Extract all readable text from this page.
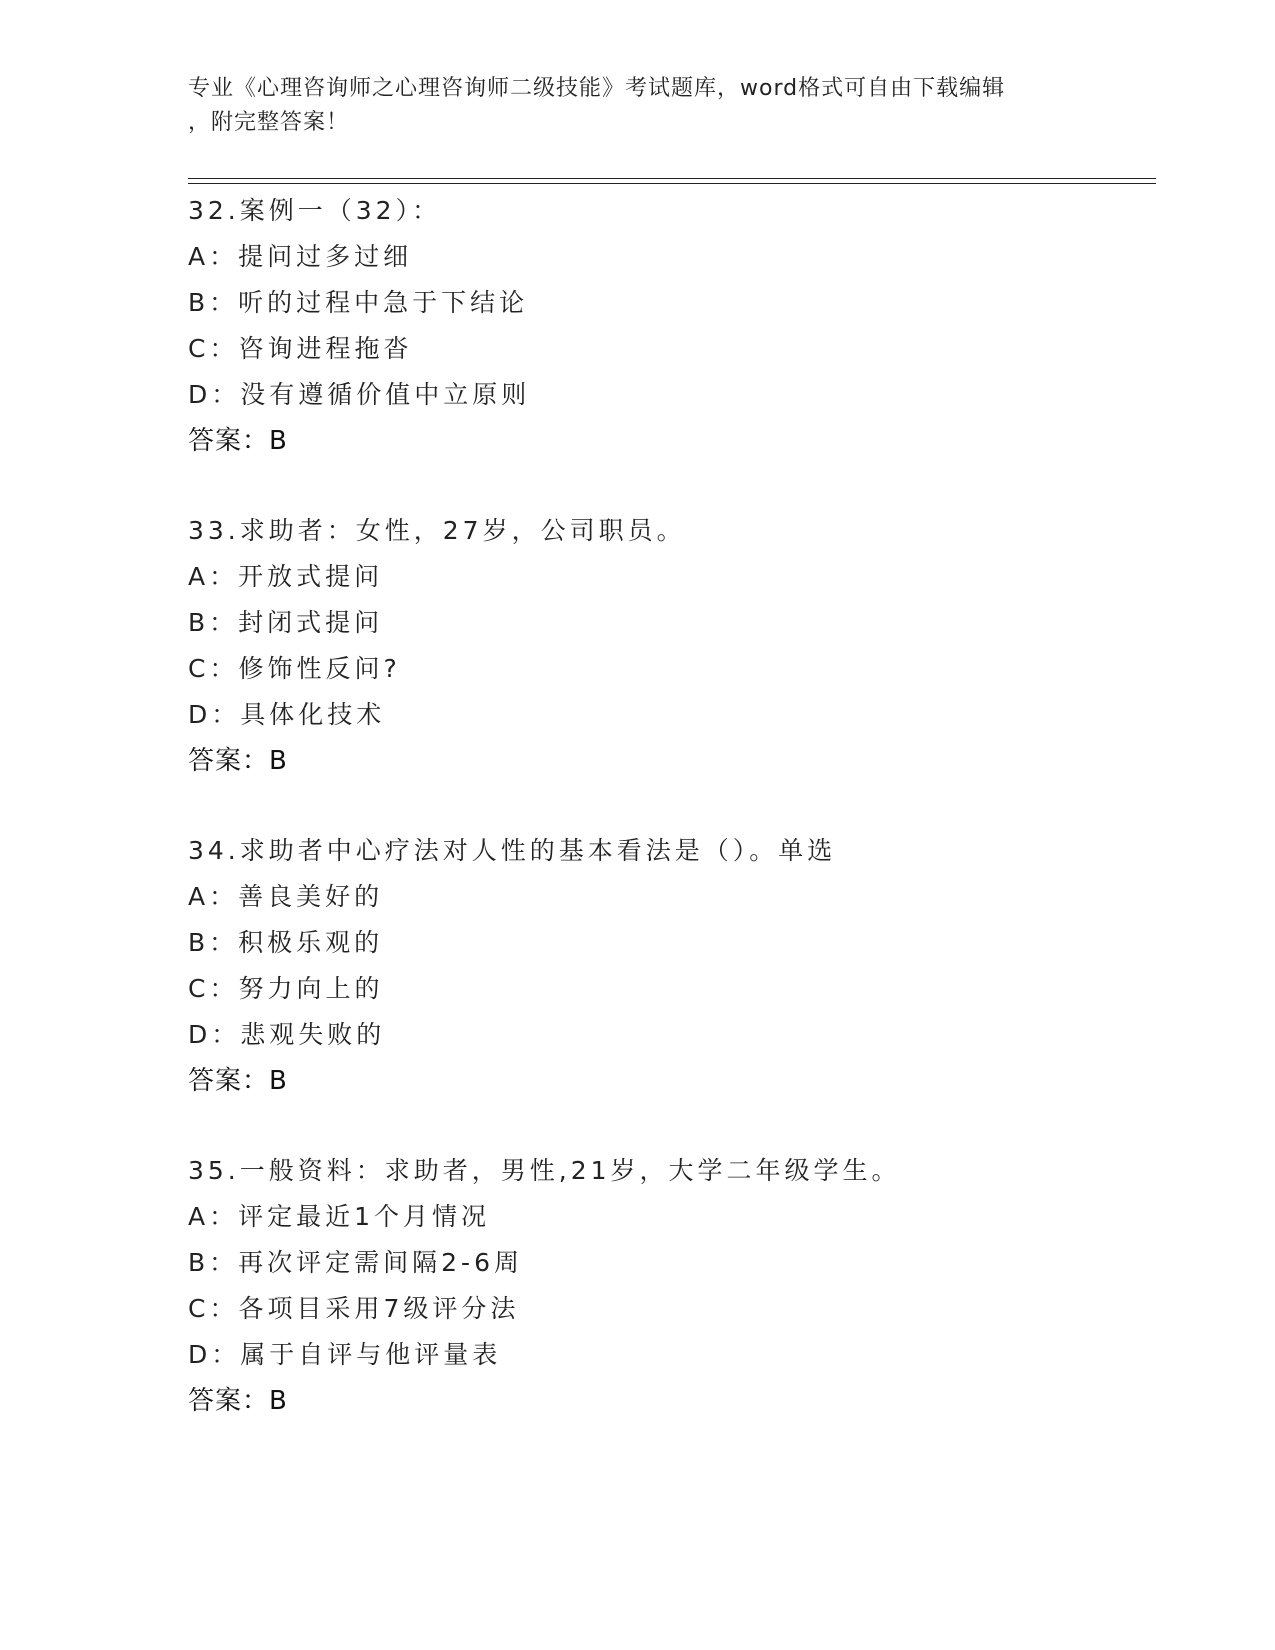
专业《心理咨询师之心理咨询师二级技能》考试题库，word格式可自由下载编辑
，附完整答案！
32.案例一（32）：
A：提问过多过细
B：听的过程中急于下结论
C：咨询进程拖沓
D：没有遵循价值中立原则
答案：B
33.求助者：女性，27岁，公司职员。
A：开放式提问
B：封闭式提问
C：修饰性反问?
D：具体化技术
答案：B
34.求助者中心疗法对人性的基本看法是（）。单选
A：善良美好的
B：积极乐观的
C：努力向上的
D：悲观失败的
答案：B
35.一般资料：求助者，男性,21岁，大学二年级学生。
A：评定最近1个月情况
B：再次评定需间隔2-6周
C：各项目采用7级评分法
D：属于自评与他评量表
答案：B
